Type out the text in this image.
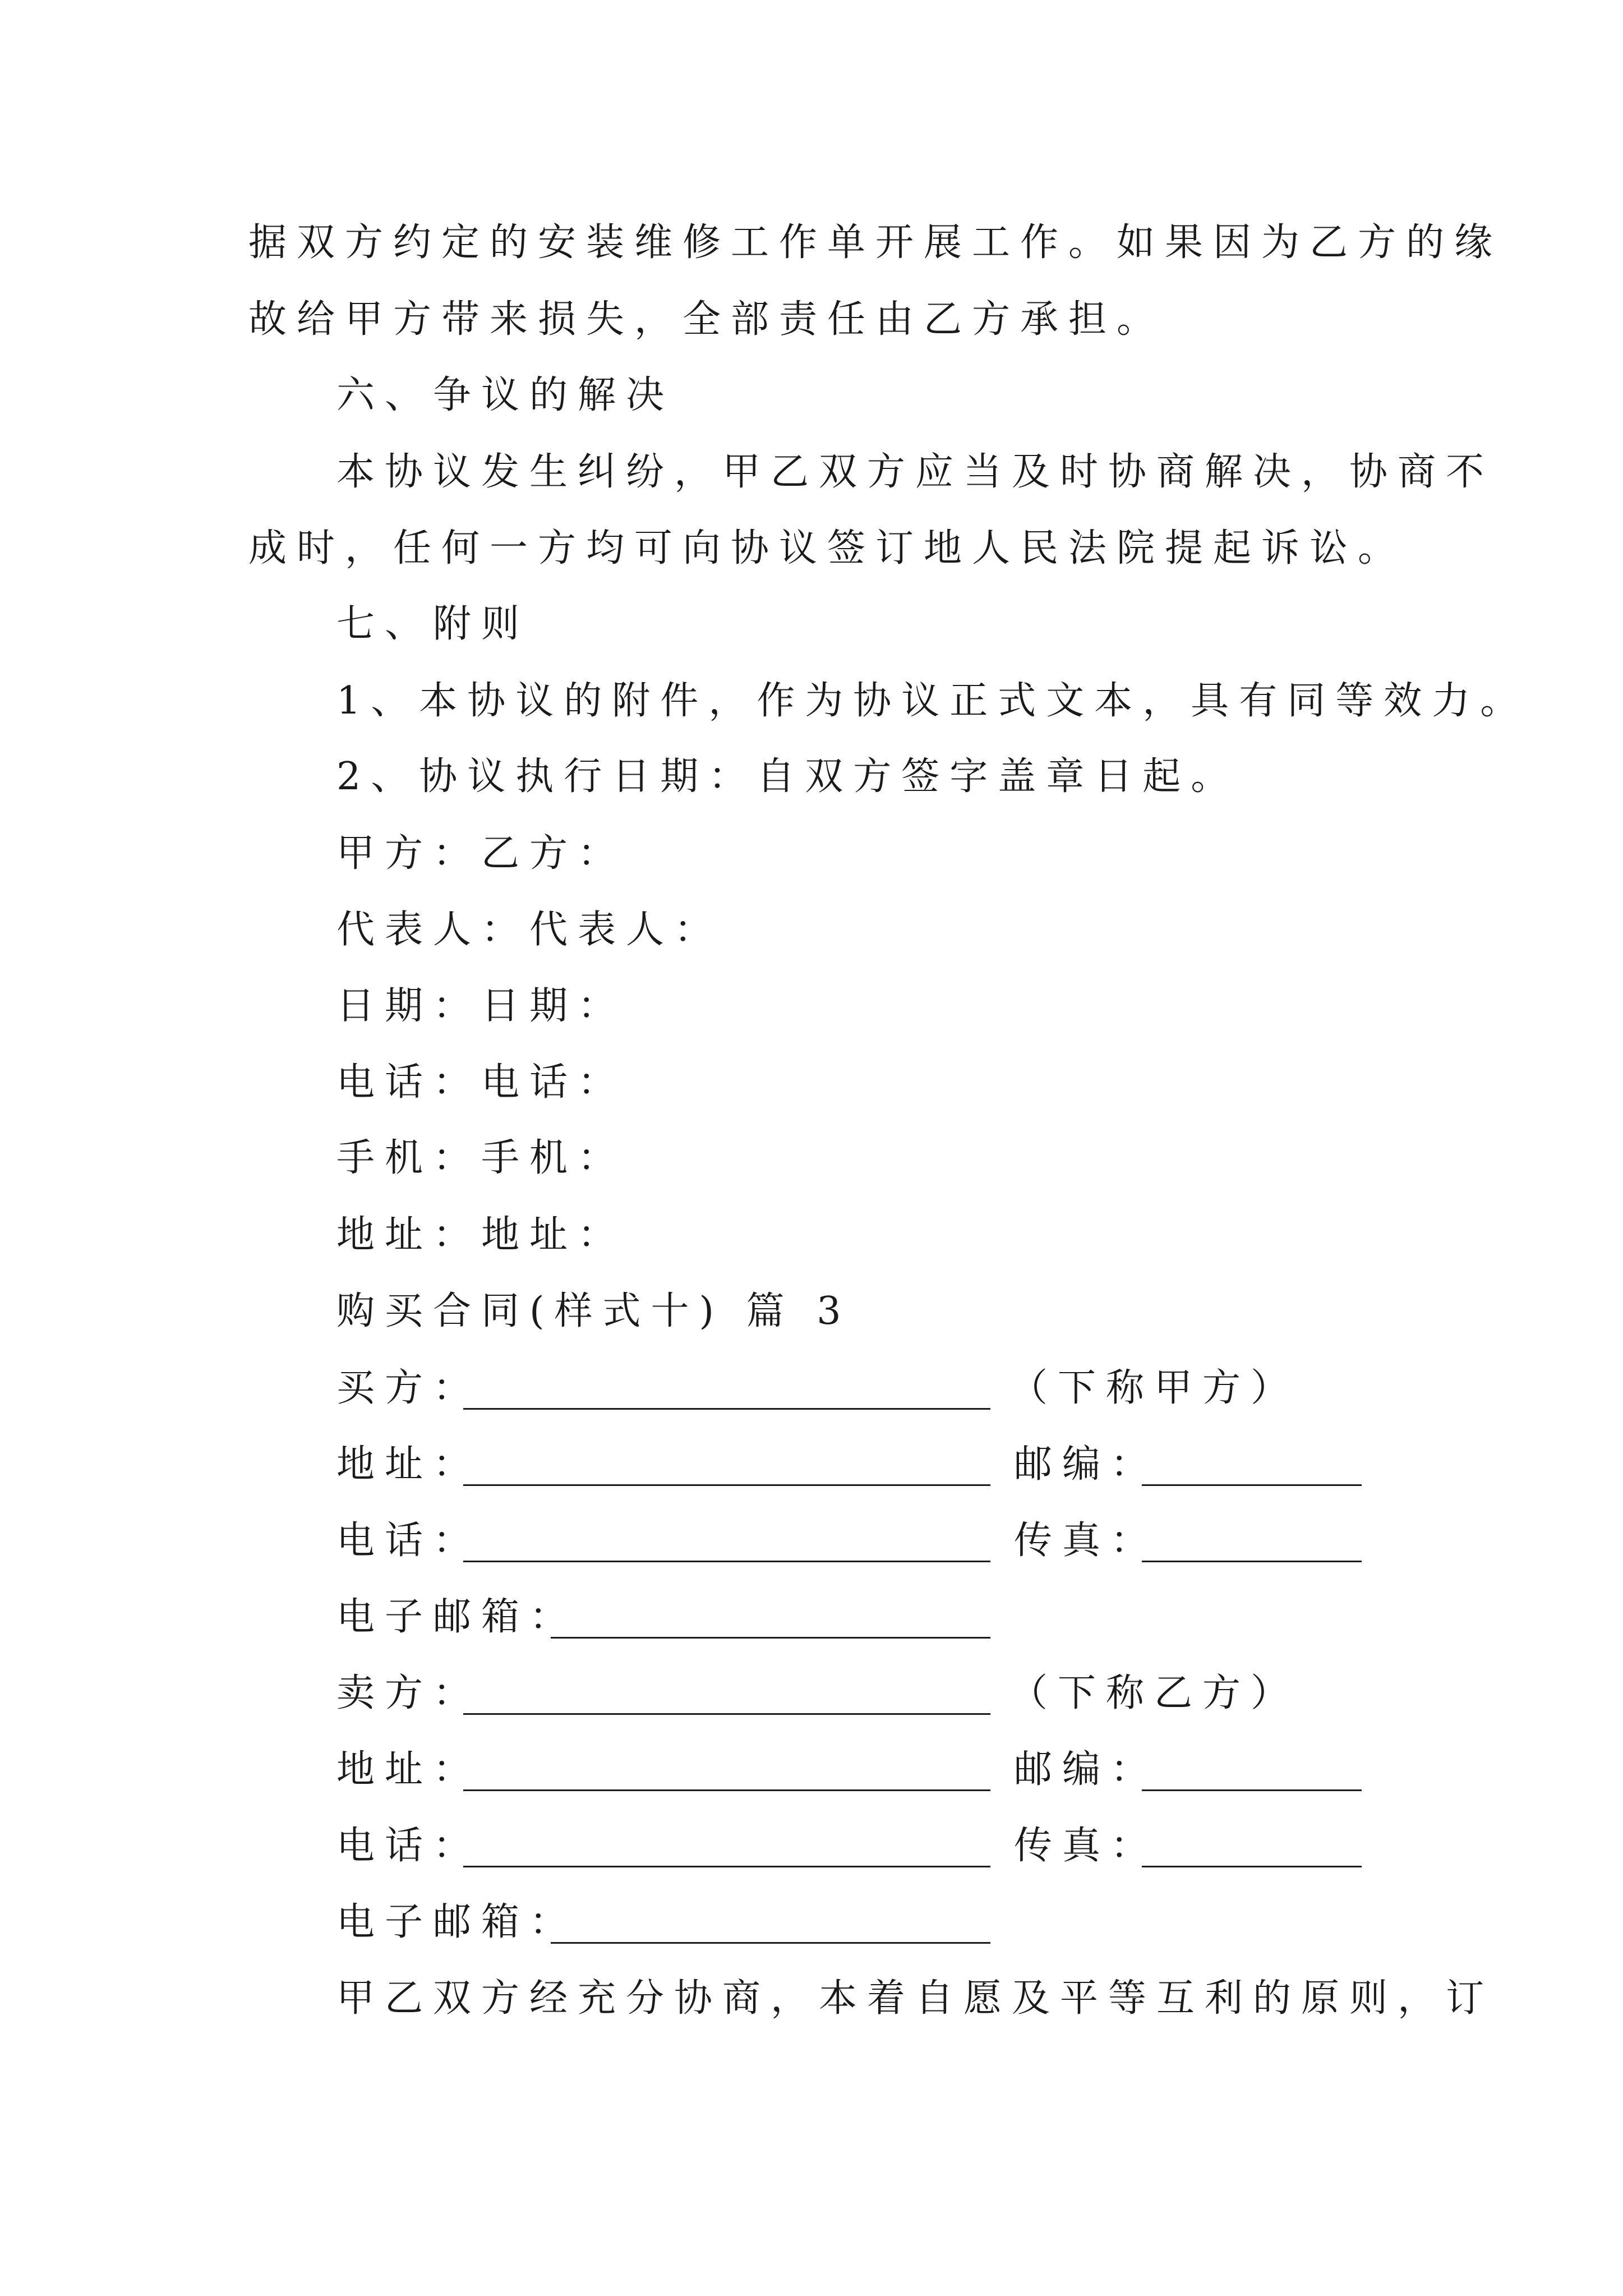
据双方约定的安装维修工作单开展工作。如果因为乙方的缘
故给甲方带来损失，全部责任由乙方承担。
六、争议的解决
本协议发生纠纷，甲乙双方应当及时协商解决，协商不
成时，任何一方均可向协议签订地人民法院提起诉讼。
七、附则
1、本协议的附件，作为协议正式文本，具有同等效力。
2、协议执行日期：自双方签字盖章日起。
甲方：乙方：
代表人：代表人：
日期：日期：
电话：电话：
手机：手机：
地址：地址：
购买合同(样式十) 篇 3
买方：	（下称甲方）
地址：	邮编：
电话：	传真：
电子邮箱：
卖方：	（下称乙方）
地址：	邮编：
电话：	传真：
电子邮箱：
甲乙双方经充分协商，本着自愿及平等互利的原则，订
